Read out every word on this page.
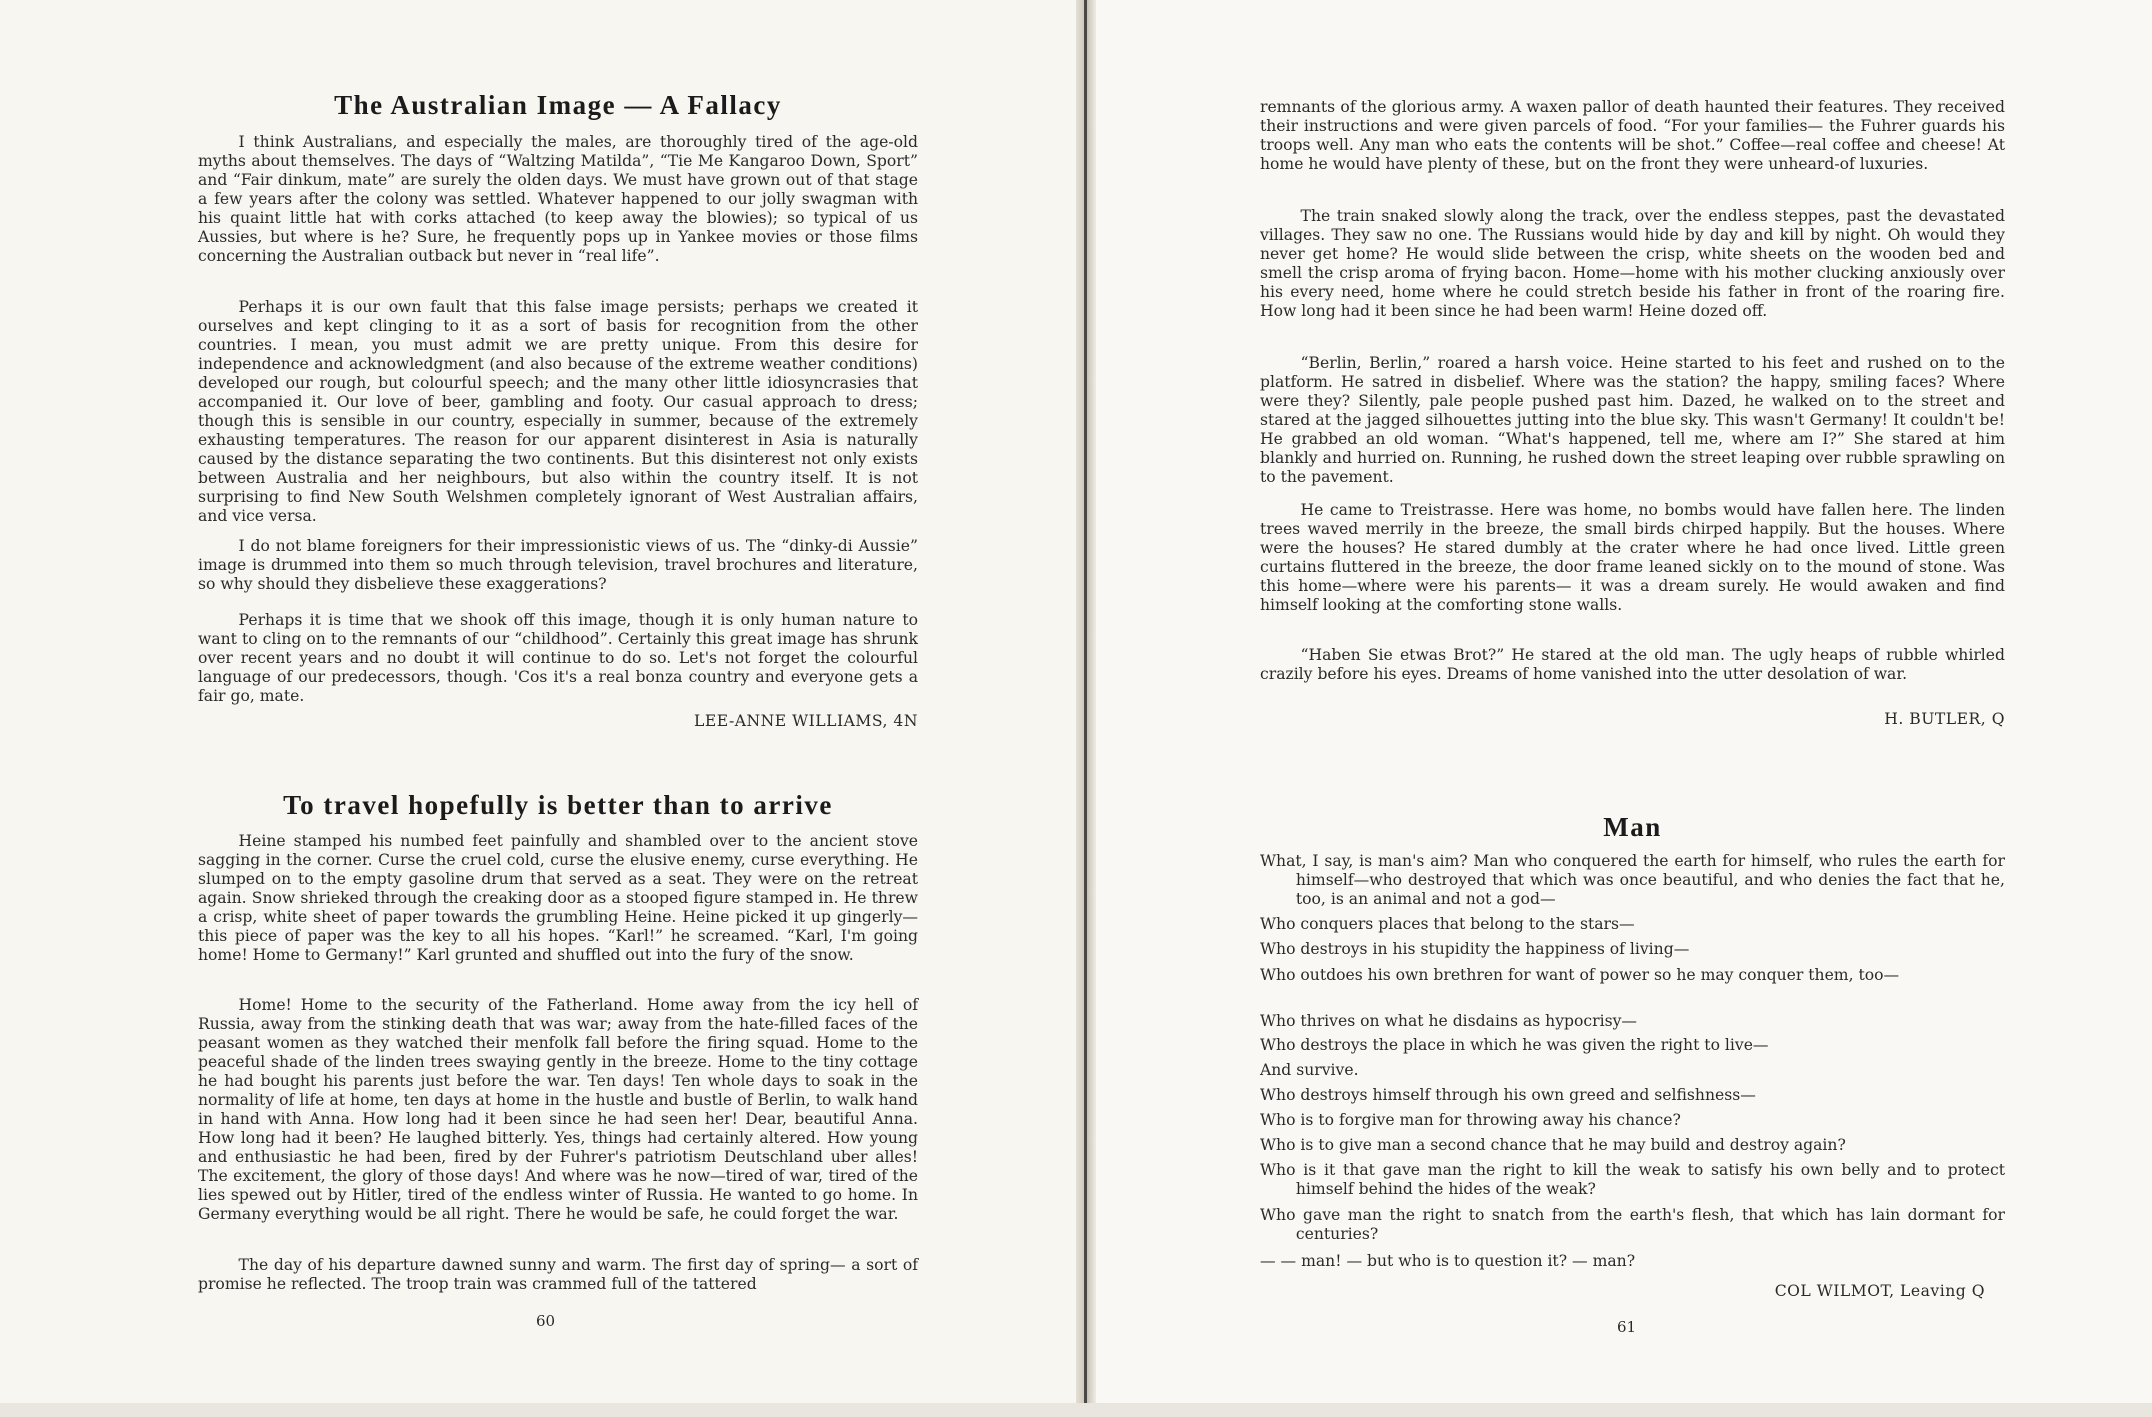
The Australian Image — A Fallacy

I think Australians, and especially the males, are thoroughly tired of the age-old myths about themselves. The days of “Waltzing Matilda”, “Tie Me Kangaroo Down, Sport” and “Fair dinkum, mate” are surely the olden days. We must have grown out of that stage a few years after the colony was settled. Whatever happened to our jolly swagman with his quaint little hat with corks attached (to keep away the blowies); so typical of us Aussies, but where is he? Sure, he frequently pops up in Yankee movies or those films concerning the Australian outback but never in “real life”.

Perhaps it is our own fault that this false image persists; perhaps we created it ourselves and kept clinging to it as a sort of basis for recognition from the other countries. I mean, you must admit we are pretty unique. From this desire for independence and acknowledgment (and also because of the extreme weather conditions) developed our rough, but colourful speech; and the many other little idiosyncrasies that accompanied it. Our love of beer, gambling and footy. Our casual approach to dress; though this is sensible in our country, especially in summer, because of the extremely exhausting temperatures. The reason for our apparent disinterest in Asia is naturally caused by the distance separating the two continents. But this disinterest not only exists between Australia and her neighbours, but also within the country itself. It is not surprising to find New South Welshmen completely ignorant of West Australian affairs, and vice versa.

I do not blame foreigners for their impressionistic views of us. The “dinky-di Aussie” image is drummed into them so much through television, travel brochures and literature, so why should they disbelieve these exaggerations?

Perhaps it is time that we shook off this image, though it is only human nature to want to cling on to the remnants of our “childhood”. Certainly this great image has shrunk over recent years and no doubt it will continue to do so. Let's not forget the colourful language of our predecessors, though. 'Cos it's a real bonza country and everyone gets a fair go, mate.

LEE-ANNE WILLIAMS, 4N

To travel hopefully is better than to arrive

Heine stamped his numbed feet painfully and shambled over to the ancient stove sagging in the corner. Curse the cruel cold, curse the elusive enemy, curse everything. He slumped on to the empty gasoline drum that served as a seat. They were on the retreat again. Snow shrieked through the creaking door as a stooped figure stamped in. He threw a crisp, white sheet of paper towards the grumbling Heine. Heine picked it up gingerly—this piece of paper was the key to all his hopes. “Karl!” he screamed. “Karl, I'm going home! Home to Germany!” Karl grunted and shuffled out into the fury of the snow.

Home! Home to the security of the Fatherland. Home away from the icy hell of Russia, away from the stinking death that was war; away from the hate-filled faces of the peasant women as they watched their menfolk fall before the firing squad. Home to the peaceful shade of the linden trees swaying gently in the breeze. Home to the tiny cottage he had bought his parents just before the war. Ten days! Ten whole days to soak in the normality of life at home, ten days at home in the hustle and bustle of Berlin, to walk hand in hand with Anna. How long had it been since he had seen her! Dear, beautiful Anna. How long had it been? He laughed bitterly. Yes, things had certainly altered. How young and enthusiastic he had been, fired by der Fuhrer's patriotism Deutschland uber alles! The excitement, the glory of those days! And where was he now—tired of war, tired of the lies spewed out by Hitler, tired of the endless winter of Russia. He wanted to go home. In Germany everything would be all right. There he would be safe, he could forget the war.

The day of his departure dawned sunny and warm. The first day of spring— a sort of promise he reflected. The troop train was crammed full of the tattered

60

remnants of the glorious army. A waxen pallor of death haunted their features. They received their instructions and were given parcels of food. “For your families— the Fuhrer guards his troops well. Any man who eats the contents will be shot.” Coffee—real coffee and cheese! At home he would have plenty of these, but on the front they were unheard-of luxuries.

The train snaked slowly along the track, over the endless steppes, past the devastated villages. They saw no one. The Russians would hide by day and kill by night. Oh would they never get home? He would slide between the crisp, white sheets on the wooden bed and smell the crisp aroma of frying bacon. Home—home with his mother clucking anxiously over his every need, home where he could stretch beside his father in front of the roaring fire. How long had it been since he had been warm! Heine dozed off.

“Berlin, Berlin,” roared a harsh voice. Heine started to his feet and rushed on to the platform. He satred in disbelief. Where was the station? the happy, smiling faces? Where were they? Silently, pale people pushed past him. Dazed, he walked on to the street and stared at the jagged silhouettes jutting into the blue sky. This wasn't Germany! It couldn't be! He grabbed an old woman. “What's happened, tell me, where am I?” She stared at him blankly and hurried on. Running, he rushed down the street leaping over rubble sprawling on to the pavement.

He came to Treistrasse. Here was home, no bombs would have fallen here. The linden trees waved merrily in the breeze, the small birds chirped happily. But the houses. Where were the houses? He stared dumbly at the crater where he had once lived. Little green curtains fluttered in the breeze, the door frame leaned sickly on to the mound of stone. Was this home—where were his parents— it was a dream surely. He would awaken and find himself looking at the comforting stone walls.

“Haben Sie etwas Brot?” He stared at the old man. The ugly heaps of rubble whirled crazily before his eyes. Dreams of home vanished into the utter desolation of war.

H. BUTLER, Q

Man

What, I say, is man's aim? Man who conquered the earth for himself, who rules the earth for himself—who destroyed that which was once beautiful, and who denies the fact that he, too, is an animal and not a god—

Who conquers places that belong to the stars—

Who destroys in his stupidity the happiness of living—

Who outdoes his own brethren for want of power so he may conquer them, too—

Who thrives on what he disdains as hypocrisy—

Who destroys the place in which he was given the right to live—

And survive.

Who destroys himself through his own greed and selfishness—

Who is to forgive man for throwing away his chance?

Who is to give man a second chance that he may build and destroy again?

Who is it that gave man the right to kill the weak to satisfy his own belly and to protect himself behind the hides of the weak?

Who gave man the right to snatch from the earth's flesh, that which has lain dormant for centuries?

— — man! — but who is to question it? — man?

COL WILMOT, Leaving Q

61
